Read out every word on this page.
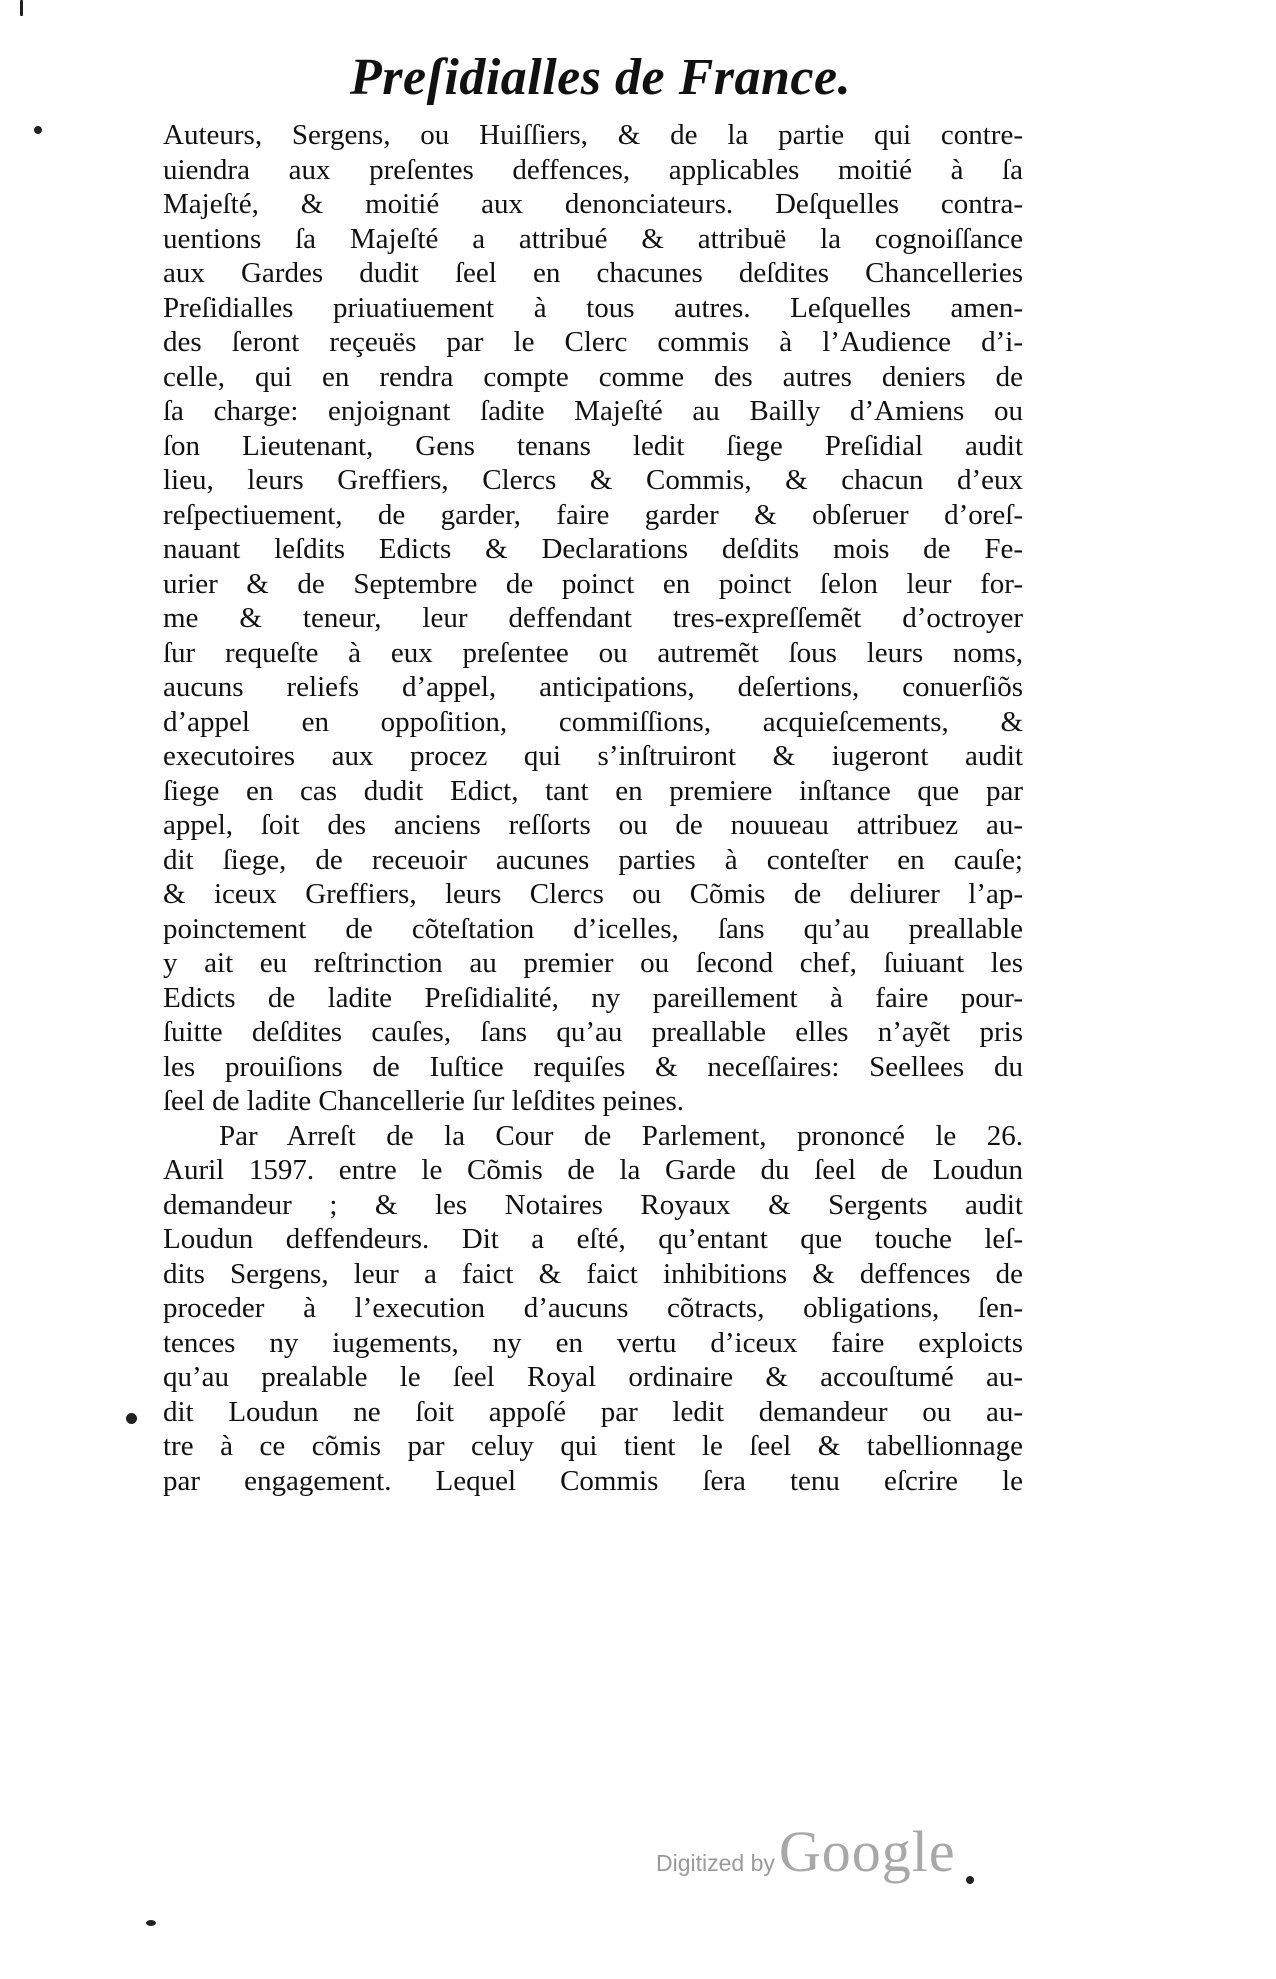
Preſidialles de France.
Auteurs, Sergens, ou Huiſſiers, & de la partie qui contre-
uiendra aux preſentes deffences, applicables moitié à ſa
Majeſté, & moitié aux denonciateurs. Deſquelles contra-
uentions ſa Majeſté a attribué & attribuë la cognoiſſance
aux Gardes dudit ſeel en chacunes deſdites Chancelleries
Preſidialles priuatiuement à tous autres. Leſquelles amen-
des ſeront reçeuës par le Clerc commis à l’Audience d’i-
celle, qui en rendra compte comme des autres deniers de
ſa charge: enjoignant ſadite Majeſté au Bailly d’Amiens ou
ſon Lieutenant, Gens tenans ledit ſiege Preſidial audit
lieu, leurs Greffiers, Clercs & Commis, & chacun d’eux
reſpectiuement, de garder, faire garder & obſeruer d’oreſ-
nauant leſdits Edicts & Declarations deſdits mois de Fe-
urier & de Septembre de poinct en poinct ſelon leur for-
me & teneur, leur deffendant tres-expreſſemẽt d’octroyer
ſur requeſte à eux preſentee ou autremẽt ſous leurs noms,
aucuns reliefs d’appel, anticipations, deſertions, conuerſiõs
d’appel en oppoſition, commiſſions, acquieſcements, &
executoires aux procez qui s’inſtruiront & iugeront audit
ſiege en cas dudit Edict, tant en premiere inſtance que par
appel, ſoit des anciens reſſorts ou de nouueau attribuez au-
dit ſiege, de receuoir aucunes parties à conteſter en cauſe;
& iceux Greffiers, leurs Clercs ou Cõmis de deliurer l’ap-
poinctement de cõteſtation d’icelles, ſans qu’au preallable
y ait eu reſtrinction au premier ou ſecond chef, ſuiuant les
Edicts de ladite Preſidialité, ny pareillement à faire pour-
ſuitte deſdites cauſes, ſans qu’au preallable elles n’ayẽt pris
les prouiſions de Iuſtice requiſes & neceſſaires: Seellees du
ſeel de ladite Chancellerie ſur leſdites peines.
Par Arreſt de la Cour de Parlement, prononcé le 26.
Auril 1597. entre le Cõmis de la Garde du ſeel de Loudun
demandeur ; & les Notaires Royaux & Sergents audit
Loudun deffendeurs. Dit a eſté, qu’entant que touche leſ-
dits Sergens, leur a faict & faict inhibitions & deffences de
proceder à l’execution d’aucuns cõtracts, obligations, ſen-
tences ny iugements, ny en vertu d’iceux faire exploicts
qu’au prealable le ſeel Royal ordinaire & accouſtumé au-
dit Loudun ne ſoit appoſé par ledit demandeur ou au-
tre à ce cõmis par celuy qui tient le ſeel & tabellionnage
par engagement. Lequel Commis ſera tenu eſcrire le
Digitized by Google
